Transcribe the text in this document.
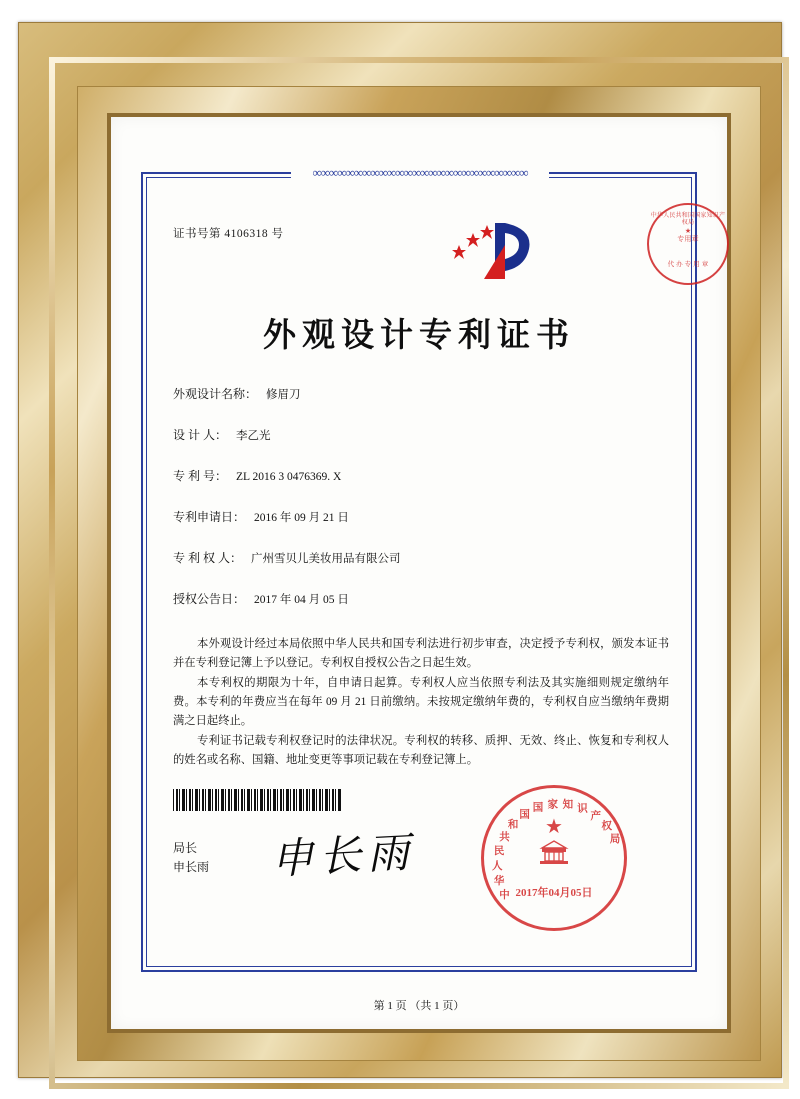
∞∞∞∞∞∞∞∞∞∞∞∞∞∞∞∞∞∞∞∞∞∞∞∞∞∞
证书号第 4106318 号
中华人民共和国国家知识产权局
★
专用章
代 办 专 用 章
外观设计专利证书
外观设计名称： 修眉刀
设 计 人： 李乙光
专 利 号： ZL 2016 3 0476369. X
专利申请日： 2016 年 09 月 21 日
专 利 权 人： 广州雪贝儿美妆用品有限公司
授权公告日： 2017 年 04 月 05 日

本外观设计经过本局依照中华人民共和国专利法进行初步审查，决定授予专利权，颁发本证书并在专利登记簿上予以登记。专利权自授权公告之日起生效。

本专利权的期限为十年，自申请日起算。专利权人应当依照专利法及其实施细则规定缴纳年费。本专利的年费应当在每年 09 月 21 日前缴纳。未按规定缴纳年费的，专利权自应当缴纳年费期满之日起终止。

专利证书记载专利权登记时的法律状况。专利权的转移、质押、无效、终止、恢复和专利权人的姓名或名称、国籍、地址变更等事项记载在专利登记簿上。

局长
申长雨 申长雨
中
华
人
民
共
和
国
国 家 知 识
产
权
局
★
2017年04月05日
第 1 页 （共 1 页）
